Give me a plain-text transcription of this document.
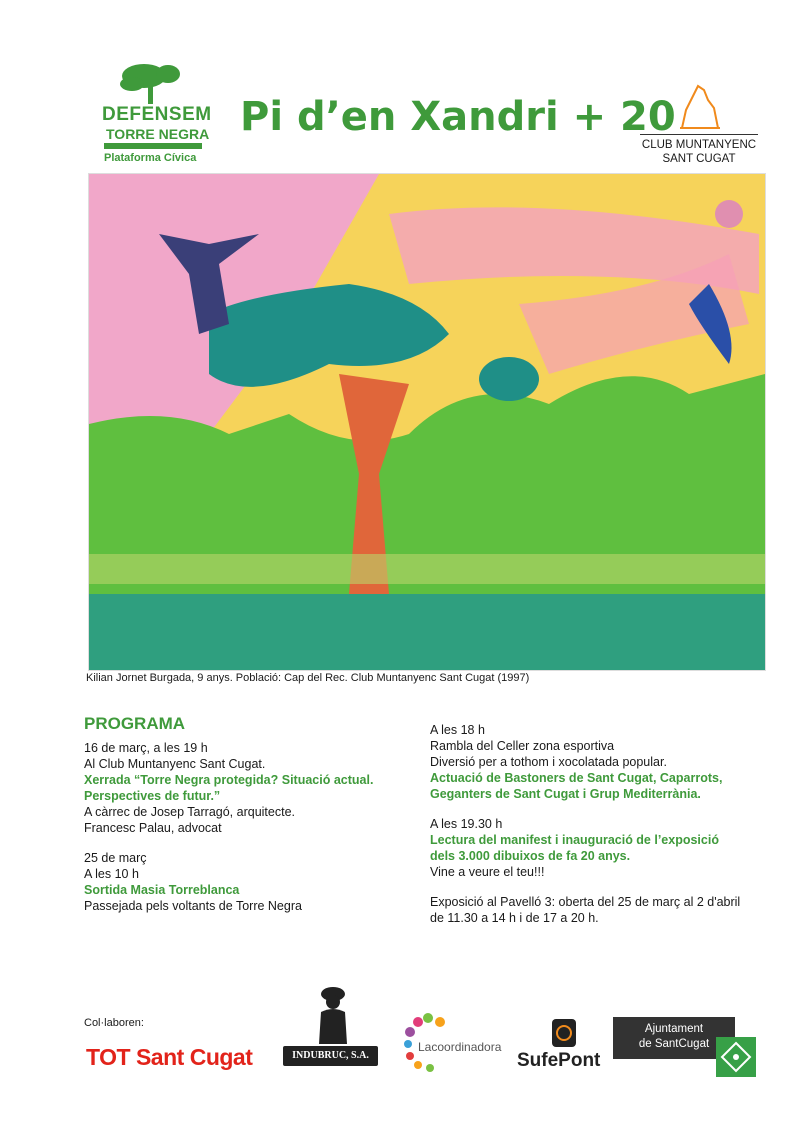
DEFENSEM
TORRE NEGRA
Plataforma Cívica
Pi d’en Xandri + 20
CLUB MUNTANYENC
SANT CUGAT
Kilian Jornet Burgada, 9 anys. Població: Cap del Rec. Club Muntanyenc Sant Cugat (1997)
PROGRAMA

16 de març, a les 19 h

Al Club Muntanyenc Sant Cugat.

Xerrada “Torre Negra protegida? Situació actual.

Perspectives de futur.”

A càrrec de Josep Tarragó, arquitecte.

Francesc Palau, advocat

25 de març

A les 10 h

Sortida Masia Torreblanca

Passejada pels voltants de Torre Negra

A les 18 h

Rambla del Celler zona esportiva

Diversió per a tothom i xocolatada popular.

Actuació de Bastoners de Sant Cugat, Caparrots,

Geganters de Sant Cugat i Grup Mediterrània.

A les 19.30 h

Lectura del manifest i inauguració de l’exposició

dels 3.000 dibuixos de fa 20 anys.

Vine a veure el teu!!!

Exposició al Pavelló 3: oberta del 25 de març al 2 d'abril

de 11.30 a 14 h i de 17 a 20 h.

Col·laboren:
TOT Sant Cugat	INDUBRUC, S.A.
Lacoordinadora
SufePont
Ajuntament
de SantCugat
